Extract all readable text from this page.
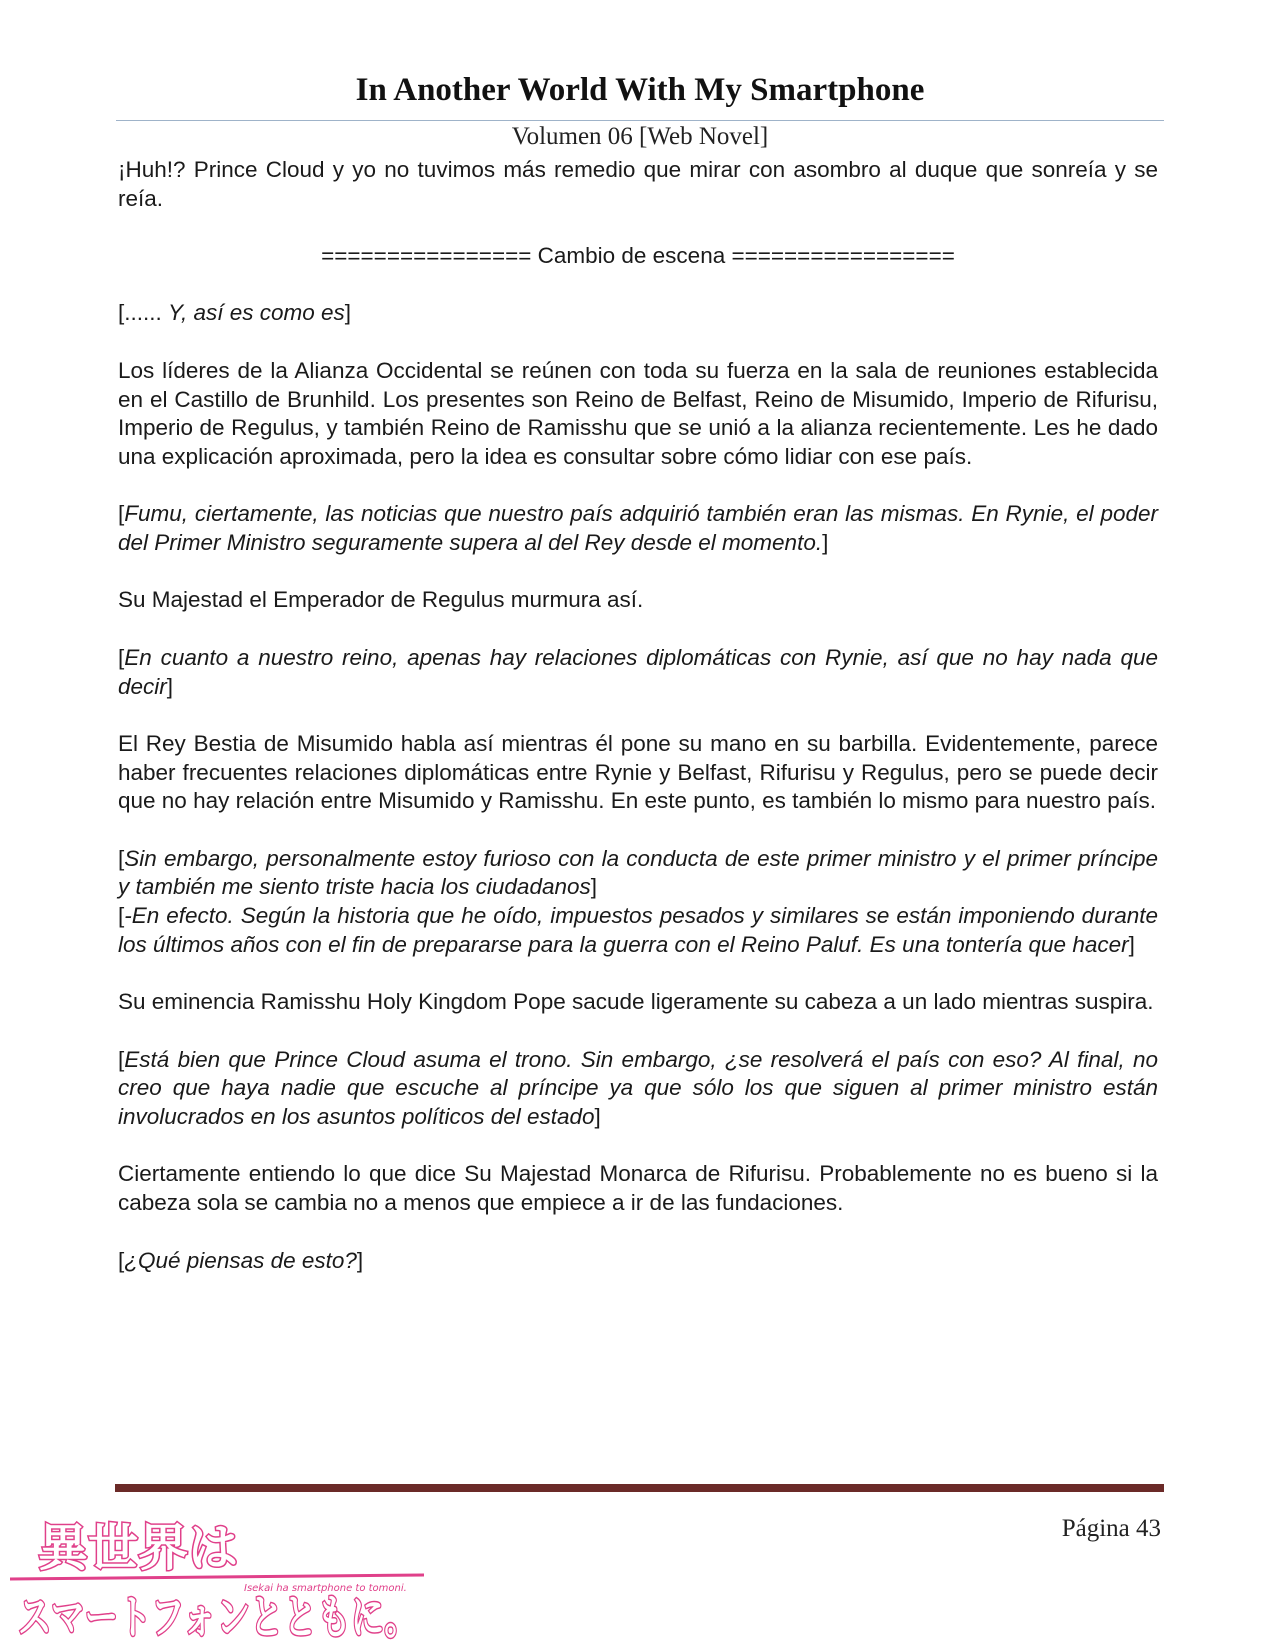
In Another World With My Smartphone
Volumen 06 [Web Novel]

¡Huh!? Prince Cloud y yo no tuvimos más remedio que mirar con asombro al duque que sonreía y se reía.

================ Cambio de escena =================

[...... Y, así es como es]

Los líderes de la Alianza Occidental se reúnen con toda su fuerza en la sala de reuniones establecida en el Castillo de Brunhild. Los presentes son Reino de Belfast, Reino de Misumido, Imperio de Rifurisu, Imperio de Regulus, y también Reino de Ramisshu que se unió a la alianza recientemente. Les he dado una explicación aproximada, pero la idea es consultar sobre cómo lidiar con ese país.

[Fumu, ciertamente, las noticias que nuestro país adquirió también eran las mismas. En Rynie, el poder del Primer Ministro seguramente supera al del Rey desde el momento.]

Su Majestad el Emperador de Regulus murmura así.

[En cuanto a nuestro reino, apenas hay relaciones diplomáticas con Rynie, así que no hay nada que decir]

El Rey Bestia de Misumido habla así mientras él pone su mano en su barbilla. Evidentemente, parece haber frecuentes relaciones diplomáticas entre Rynie y Belfast, Rifurisu y Regulus, pero se puede decir que no hay relación entre Misumido y Ramisshu. En este punto, es también lo mismo para nuestro país.

[Sin embargo, personalmente estoy furioso con la conducta de este primer ministro y el primer príncipe y también me siento triste hacia los ciudadanos]

[-En efecto. Según la historia que he oído, impuestos pesados y similares se están imponiendo durante los últimos años con el fin de prepararse para la guerra con el Reino Paluf. Es una tontería que hacer]

Su eminencia Ramisshu Holy Kingdom Pope sacude ligeramente su cabeza a un lado mientras suspira.

[Está bien que Prince Cloud asuma el trono. Sin embargo, ¿se resolverá el país con eso? Al final, no creo que haya nadie que escuche al príncipe ya que sólo los que siguen al primer ministro están involucrados en los asuntos políticos del estado]

Ciertamente entiendo lo que dice Su Majestad Monarca de Rifurisu. Probablemente no es bueno si la cabeza sola se cambia no a menos que empiece a ir de las fundaciones.

[¿Qué piensas de esto?]

Página 43
異世界は
スマートフォンとともに。
Isekai ha smartphone to tomoni.
